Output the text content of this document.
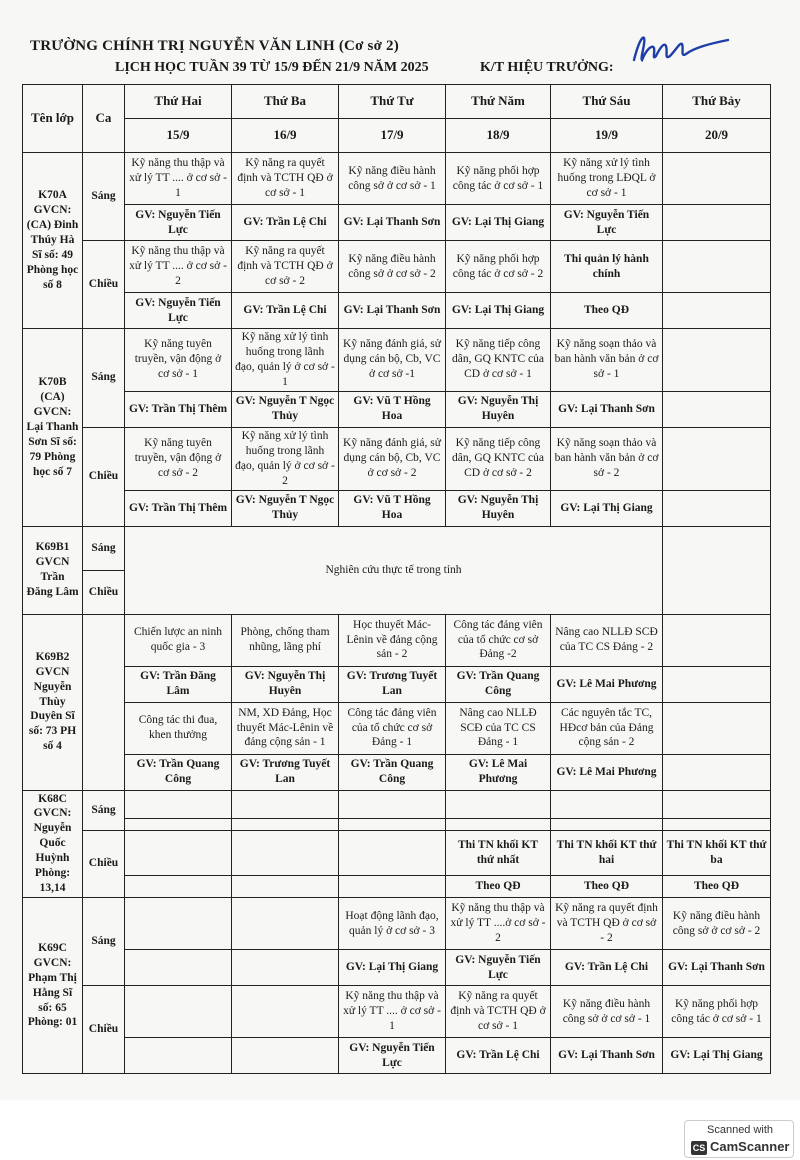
TRƯỜNG CHÍNH TRỊ NGUYỄN VĂN LINH (Cơ sở 2)
LỊCH HỌC TUẦN 39 TỪ 15/9 ĐẾN 21/9 NĂM 2025	K/T HIỆU TRƯỞNG:
Tên lớp	Ca	Thứ Hai	Thứ Ba	Thứ Tư	Thứ Năm	Thứ Sáu	Thứ Bảy
		15/9	16/9	17/9	18/9	19/9	20/9
K70A GVCN: (CA) Đinh Thúy Hà Sĩ số: 49 Phòng học số 8	Sáng	Kỹ năng thu thập và xử lý TT .... ở cơ sở - 1	Kỹ năng ra quyết định và TCTH QĐ ở cơ sở - 1	Kỹ năng điều hành công sở ở cơ sở - 1	Kỹ năng phối hợp công tác ở cơ sở - 1	Kỹ năng xử lý tình huống trong LĐQL ở cơ sở - 1	
		GV: Nguyễn Tiến Lực	GV: Trần Lệ Chi	GV: Lại Thanh Sơn	GV: Lại Thị Giang	GV: Nguyễn Tiến Lực	
	Chiều	Kỹ năng thu thập và xử lý TT .... ở cơ sở - 2	Kỹ năng ra quyết định và TCTH QĐ ở cơ sở - 2	Kỹ năng điều hành công sở ở cơ sở - 2	Kỹ năng phối hợp công tác ở cơ sở - 2	Thi quản lý hành chính	
		GV: Nguyễn Tiến Lực	GV: Trần Lệ Chi	GV: Lại Thanh Sơn	GV: Lại Thị Giang	Theo QĐ	
K70B (CA) GVCN: Lại Thanh Sơn Sĩ số: 79 Phòng học số 7	Sáng	Kỹ năng tuyên truyền, vận động ở cơ sở - 1	Kỹ năng xử lý tình huống trong lãnh đạo, quản lý ở cơ sở - 1	Kỹ năng đánh giá, sử dụng cán bộ, Cb, VC ở cơ sở -1	Kỹ năng tiếp công dân, GQ KNTC của CD ở cơ sở - 1	Kỹ năng soạn thảo và ban hành văn bản ở cơ sở - 1	
		GV: Trần Thị Thêm	GV: Nguyễn T Ngọc Thủy	GV: Vũ T Hồng Hoa	GV: Nguyễn Thị Huyên	GV: Lại Thanh Sơn	
	Chiều	Kỹ năng tuyên truyền, vận động ở cơ sở - 2	Kỹ năng xử lý tình huống trong lãnh đạo, quản lý ở cơ sở - 2	Kỹ năng đánh giá, sử dụng cán bộ, Cb, VC ở cơ sở - 2	Kỹ năng tiếp công dân, GQ KNTC của CD ở cơ sở - 2	Kỹ năng soạn thảo và ban hành văn bản ở cơ sở - 2	
		GV: Trần Thị Thêm	GV: Nguyễn T Ngọc Thủy	GV: Vũ T Hồng Hoa	GV: Nguyễn Thị Huyên	GV: Lại Thị Giang	
K69B1 GVCN Trần Đăng Lâm	Sáng	Nghiên cứu thực tế trong tỉnh					
	Chiều						
K69B2 GVCN Nguyễn Thùy Duyên Sĩ số: 73 PH số 4		Chiến lược an ninh quốc gia - 3	Phòng, chống tham nhũng, lãng phí	Học thuyết Mác-Lênin về đảng cộng sản - 2	Công tác đảng viên của tổ chức cơ sở Đảng -2	Nâng cao NLLĐ SCĐ của TC CS Đảng - 2	
		GV: Trần Đăng Lâm	GV: Nguyễn Thị Huyên	GV: Trương Tuyết Lan	GV: Trần Quang Công	GV: Lê Mai Phương	
		Công tác thi đua, khen thưởng	NM, XD Đảng, Học thuyết Mác-Lênin về đảng cộng sản - 1	Công tác đảng viên của tổ chức cơ sở Đảng - 1	Nâng cao NLLĐ SCĐ của TC CS Đảng - 1	Các nguyên tắc TC, HĐcơ bản của Đảng cộng sản - 2	
		GV: Trần Quang Công	GV: Trương Tuyết Lan	GV: Trần Quang Công	GV: Lê Mai Phương	GV: Lê Mai Phương	
K68C GVCN: Nguyễn Quốc Huỳnh Phòng: 13,14	Sáng						

	Chiều				Thi TN khối KT thứ nhất	Thi TN khối KT thứ hai	Thi TN khối KT thứ ba
					Theo QĐ	Theo QĐ	Theo QĐ
K69C GVCN: Phạm Thị Hằng Sĩ số: 65 Phòng: 01	Sáng			Hoạt động lãnh đạo, quản lý ở cơ sở - 3	Kỹ năng thu thập và xử lý TT ....ở cơ sở - 2	Kỹ năng ra quyết định và TCTH QĐ ở cơ sở - 2	Kỹ năng điều hành công sở ở cơ sở - 2
				GV: Lại Thị Giang	GV: Nguyễn Tiến Lực	GV: Trần Lệ Chi	GV: Lại Thanh Sơn
	Chiều			Kỹ năng thu thập và xử lý TT .... ở cơ sở - 1	Kỹ năng ra quyết định và TCTH QĐ ở cơ sở - 1	Kỹ năng điều hành công sở ở cơ sở - 1	Kỹ năng phối hợp công tác ở cơ sở - 1
				GV: Nguyễn Tiến Lực	GV: Trần Lệ Chi	GV: Lại Thanh Sơn	GV: Lại Thị Giang
Scanned with
CS CamScanner
